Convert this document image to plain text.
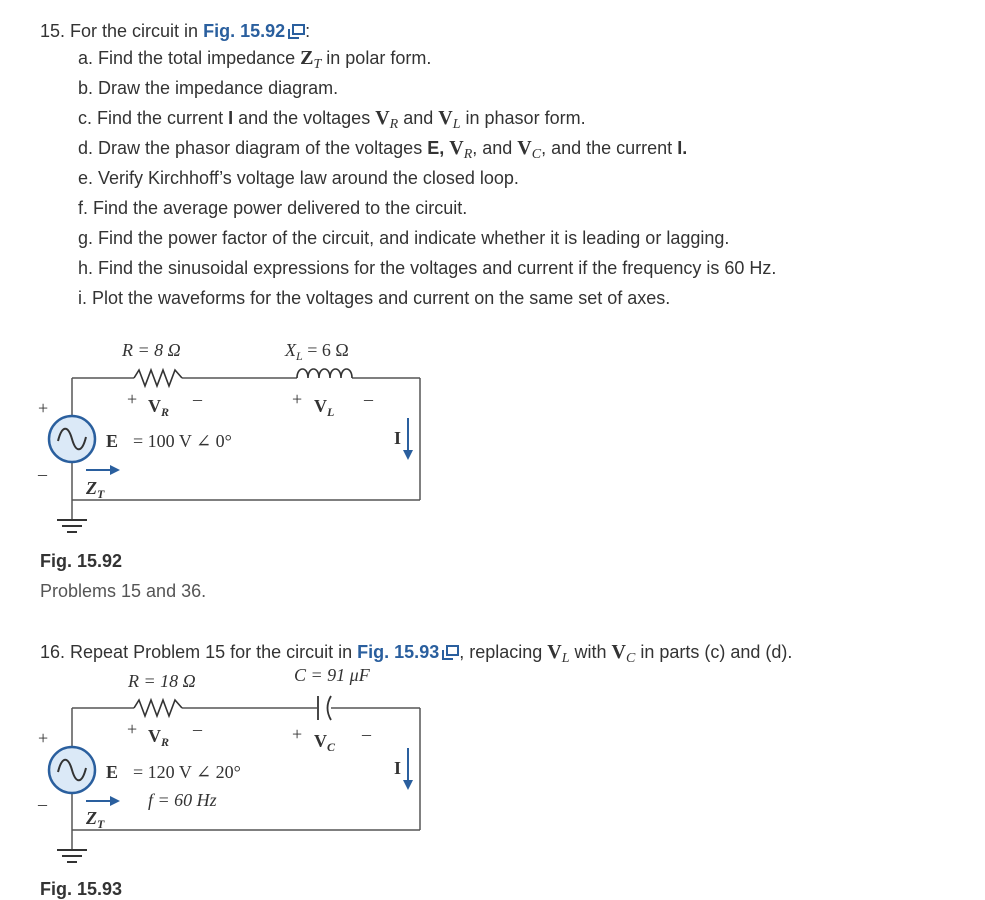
15. For the circuit in Fig. 15.92 :
a. Find the total impedance $Z_T$ in polar form.
b. Draw the impedance diagram.
c. Find the current I and the voltages $V_R$ and $V_L$ in phasor form.
d. Draw the phasor diagram of the voltages E, $V_R$, and $V_C$, and the current I.
e. Verify Kirchhoff’s voltage law around the closed loop.
f. Find the average power delivered to the circuit.
g. Find the power factor of the circuit, and indicate whether it is leading or lagging.
h. Find the sinusoidal expressions for the voltages and current if the frequency is 60 Hz.
i. Plot the waveforms for the voltages and current on the same set of axes.
R = 8 Ω	$X_L = 6$ Ω
+ $V_R$
–	+ $V_L$
–
+
–
E = 100 V ∠ 0°	I
$Z_T$
R = 18 Ω	C = 91 μF
+ $V_R$
–	+ $V_C$
–
+
–
E = 120 V ∠ 20°
f = 60 Hz
I
$Z_T$
Fig. 15.92
Problems 15 and 36.
16. Repeat Problem 15 for the circuit in Fig. 15.93 , replacing $V_L$ with $V_C$ in parts (c) and (d).
Fig. 15.93
